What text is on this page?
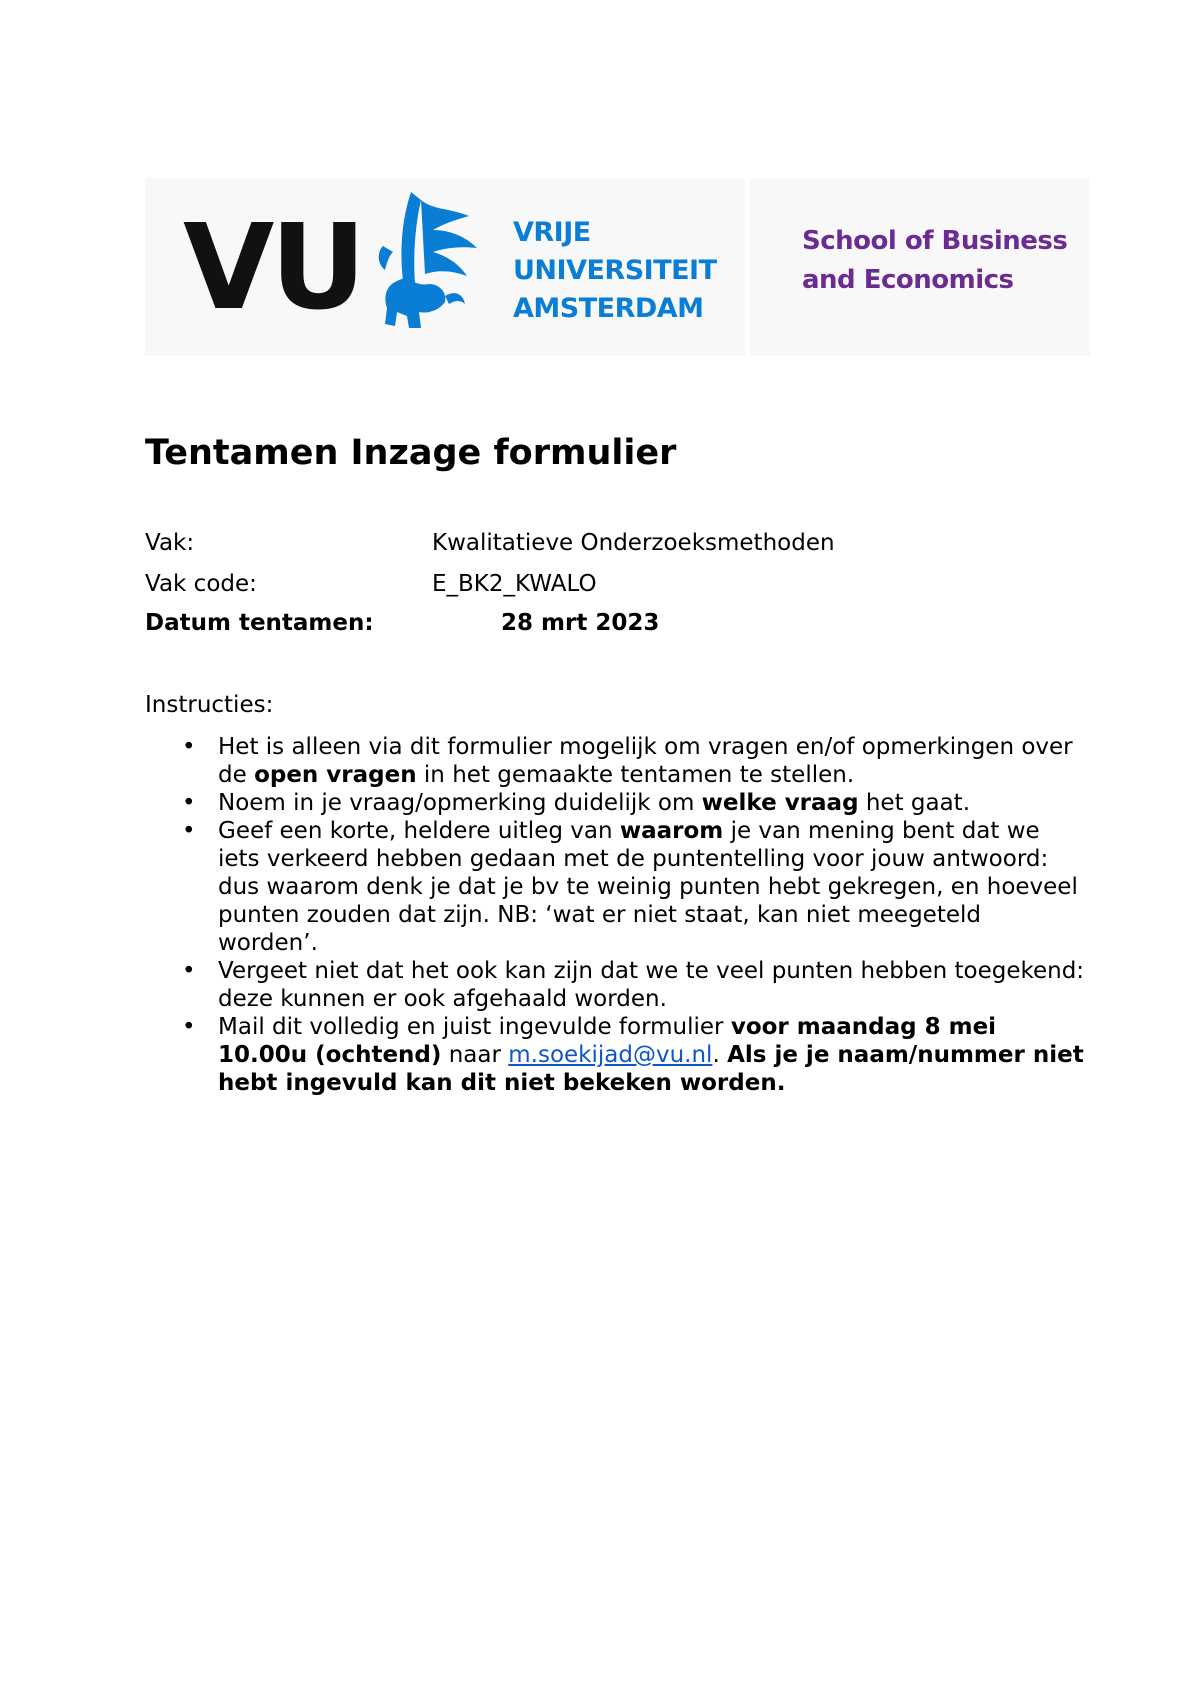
VU	VRIJE
UNIVERSITEIT
AMSTERDAM
School of Business
and Economics
Tentamen Inzage formulier
Vak:	Kwalitatieve Onderzoeksmethoden
Vak code:	E_BK2_KWALO
Datum tentamen:	28 mrt 2023
Instructies:
• Het is alleen via dit formulier mogelijk om vragen en/of opmerkingen over de open vragen in het gemaakte tentamen te stellen.
• Noem in je vraag/opmerking duidelijk om welke vraag het gaat.
• Geef een korte, heldere uitleg van waarom je van mening bent dat we iets verkeerd hebben gedaan met de puntentelling voor jouw antwoord: dus waarom denk je dat je bv te weinig punten hebt gekregen, en hoeveel punten zouden dat zijn. NB: ‘wat er niet staat, kan niet meegeteld worden’.
• Vergeet niet dat het ook kan zijn dat we te veel punten hebben toegekend: deze kunnen er ook afgehaald worden.
• Mail dit volledig en juist ingevulde formulier voor maandag 8 mei 10.00u (ochtend) naar m.soekijad@vu.nl. Als je je naam/nummer niet hebt ingevuld kan dit niet bekeken worden.
